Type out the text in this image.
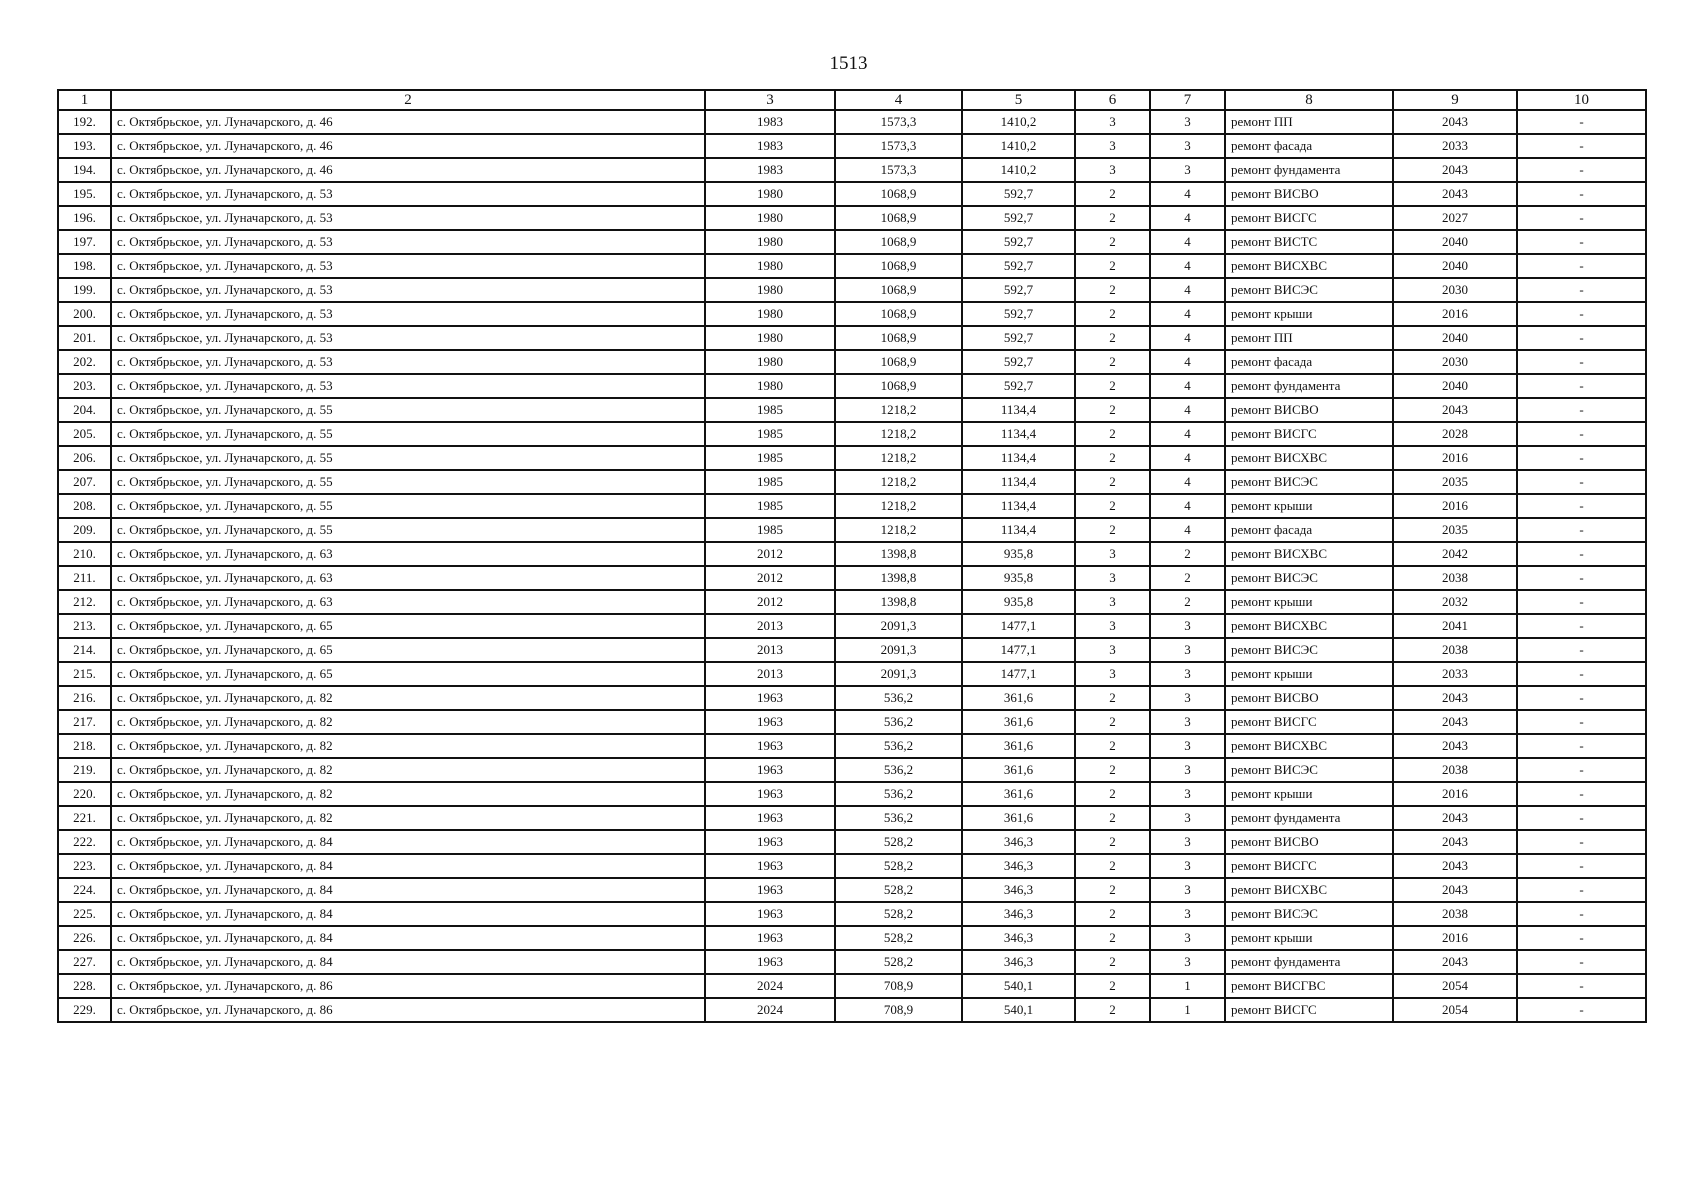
1513
1	2	3	4	5	6	7	8	9	10
192.	с. Октябрьское, ул. Луначарского, д. 46	1983	1573,3	1410,2	3	3	ремонт ПП	2043	-
193.	с. Октябрьское, ул. Луначарского, д. 46	1983	1573,3	1410,2	3	3	ремонт фасада	2033	-
194.	с. Октябрьское, ул. Луначарского, д. 46	1983	1573,3	1410,2	3	3	ремонт фундамента	2043	-
195.	с. Октябрьское, ул. Луначарского, д. 53	1980	1068,9	592,7	2	4	ремонт ВИСВО	2043	-
196.	с. Октябрьское, ул. Луначарского, д. 53	1980	1068,9	592,7	2	4	ремонт ВИСГС	2027	-
197.	с. Октябрьское, ул. Луначарского, д. 53	1980	1068,9	592,7	2	4	ремонт ВИСТС	2040	-
198.	с. Октябрьское, ул. Луначарского, д. 53	1980	1068,9	592,7	2	4	ремонт ВИСХВС	2040	-
199.	с. Октябрьское, ул. Луначарского, д. 53	1980	1068,9	592,7	2	4	ремонт ВИСЭС	2030	-
200.	с. Октябрьское, ул. Луначарского, д. 53	1980	1068,9	592,7	2	4	ремонт крыши	2016	-
201.	с. Октябрьское, ул. Луначарского, д. 53	1980	1068,9	592,7	2	4	ремонт ПП	2040	-
202.	с. Октябрьское, ул. Луначарского, д. 53	1980	1068,9	592,7	2	4	ремонт фасада	2030	-
203.	с. Октябрьское, ул. Луначарского, д. 53	1980	1068,9	592,7	2	4	ремонт фундамента	2040	-
204.	с. Октябрьское, ул. Луначарского, д. 55	1985	1218,2	1134,4	2	4	ремонт ВИСВО	2043	-
205.	с. Октябрьское, ул. Луначарского, д. 55	1985	1218,2	1134,4	2	4	ремонт ВИСГС	2028	-
206.	с. Октябрьское, ул. Луначарского, д. 55	1985	1218,2	1134,4	2	4	ремонт ВИСХВС	2016	-
207.	с. Октябрьское, ул. Луначарского, д. 55	1985	1218,2	1134,4	2	4	ремонт ВИСЭС	2035	-
208.	с. Октябрьское, ул. Луначарского, д. 55	1985	1218,2	1134,4	2	4	ремонт крыши	2016	-
209.	с. Октябрьское, ул. Луначарского, д. 55	1985	1218,2	1134,4	2	4	ремонт фасада	2035	-
210.	с. Октябрьское, ул. Луначарского, д. 63	2012	1398,8	935,8	3	2	ремонт ВИСХВС	2042	-
211.	с. Октябрьское, ул. Луначарского, д. 63	2012	1398,8	935,8	3	2	ремонт ВИСЭС	2038	-
212.	с. Октябрьское, ул. Луначарского, д. 63	2012	1398,8	935,8	3	2	ремонт крыши	2032	-
213.	с. Октябрьское, ул. Луначарского, д. 65	2013	2091,3	1477,1	3	3	ремонт ВИСХВС	2041	-
214.	с. Октябрьское, ул. Луначарского, д. 65	2013	2091,3	1477,1	3	3	ремонт ВИСЭС	2038	-
215.	с. Октябрьское, ул. Луначарского, д. 65	2013	2091,3	1477,1	3	3	ремонт крыши	2033	-
216.	с. Октябрьское, ул. Луначарского, д. 82	1963	536,2	361,6	2	3	ремонт ВИСВО	2043	-
217.	с. Октябрьское, ул. Луначарского, д. 82	1963	536,2	361,6	2	3	ремонт ВИСГС	2043	-
218.	с. Октябрьское, ул. Луначарского, д. 82	1963	536,2	361,6	2	3	ремонт ВИСХВС	2043	-
219.	с. Октябрьское, ул. Луначарского, д. 82	1963	536,2	361,6	2	3	ремонт ВИСЭС	2038	-
220.	с. Октябрьское, ул. Луначарского, д. 82	1963	536,2	361,6	2	3	ремонт крыши	2016	-
221.	с. Октябрьское, ул. Луначарского, д. 82	1963	536,2	361,6	2	3	ремонт фундамента	2043	-
222.	с. Октябрьское, ул. Луначарского, д. 84	1963	528,2	346,3	2	3	ремонт ВИСВО	2043	-
223.	с. Октябрьское, ул. Луначарского, д. 84	1963	528,2	346,3	2	3	ремонт ВИСГС	2043	-
224.	с. Октябрьское, ул. Луначарского, д. 84	1963	528,2	346,3	2	3	ремонт ВИСХВС	2043	-
225.	с. Октябрьское, ул. Луначарского, д. 84	1963	528,2	346,3	2	3	ремонт ВИСЭС	2038	-
226.	с. Октябрьское, ул. Луначарского, д. 84	1963	528,2	346,3	2	3	ремонт крыши	2016	-
227.	с. Октябрьское, ул. Луначарского, д. 84	1963	528,2	346,3	2	3	ремонт фундамента	2043	-
228.	с. Октябрьское, ул. Луначарского, д. 86	2024	708,9	540,1	2	1	ремонт ВИСГВС	2054	-
229.	с. Октябрьское, ул. Луначарского, д. 86	2024	708,9	540,1	2	1	ремонт ВИСГС	2054	-
